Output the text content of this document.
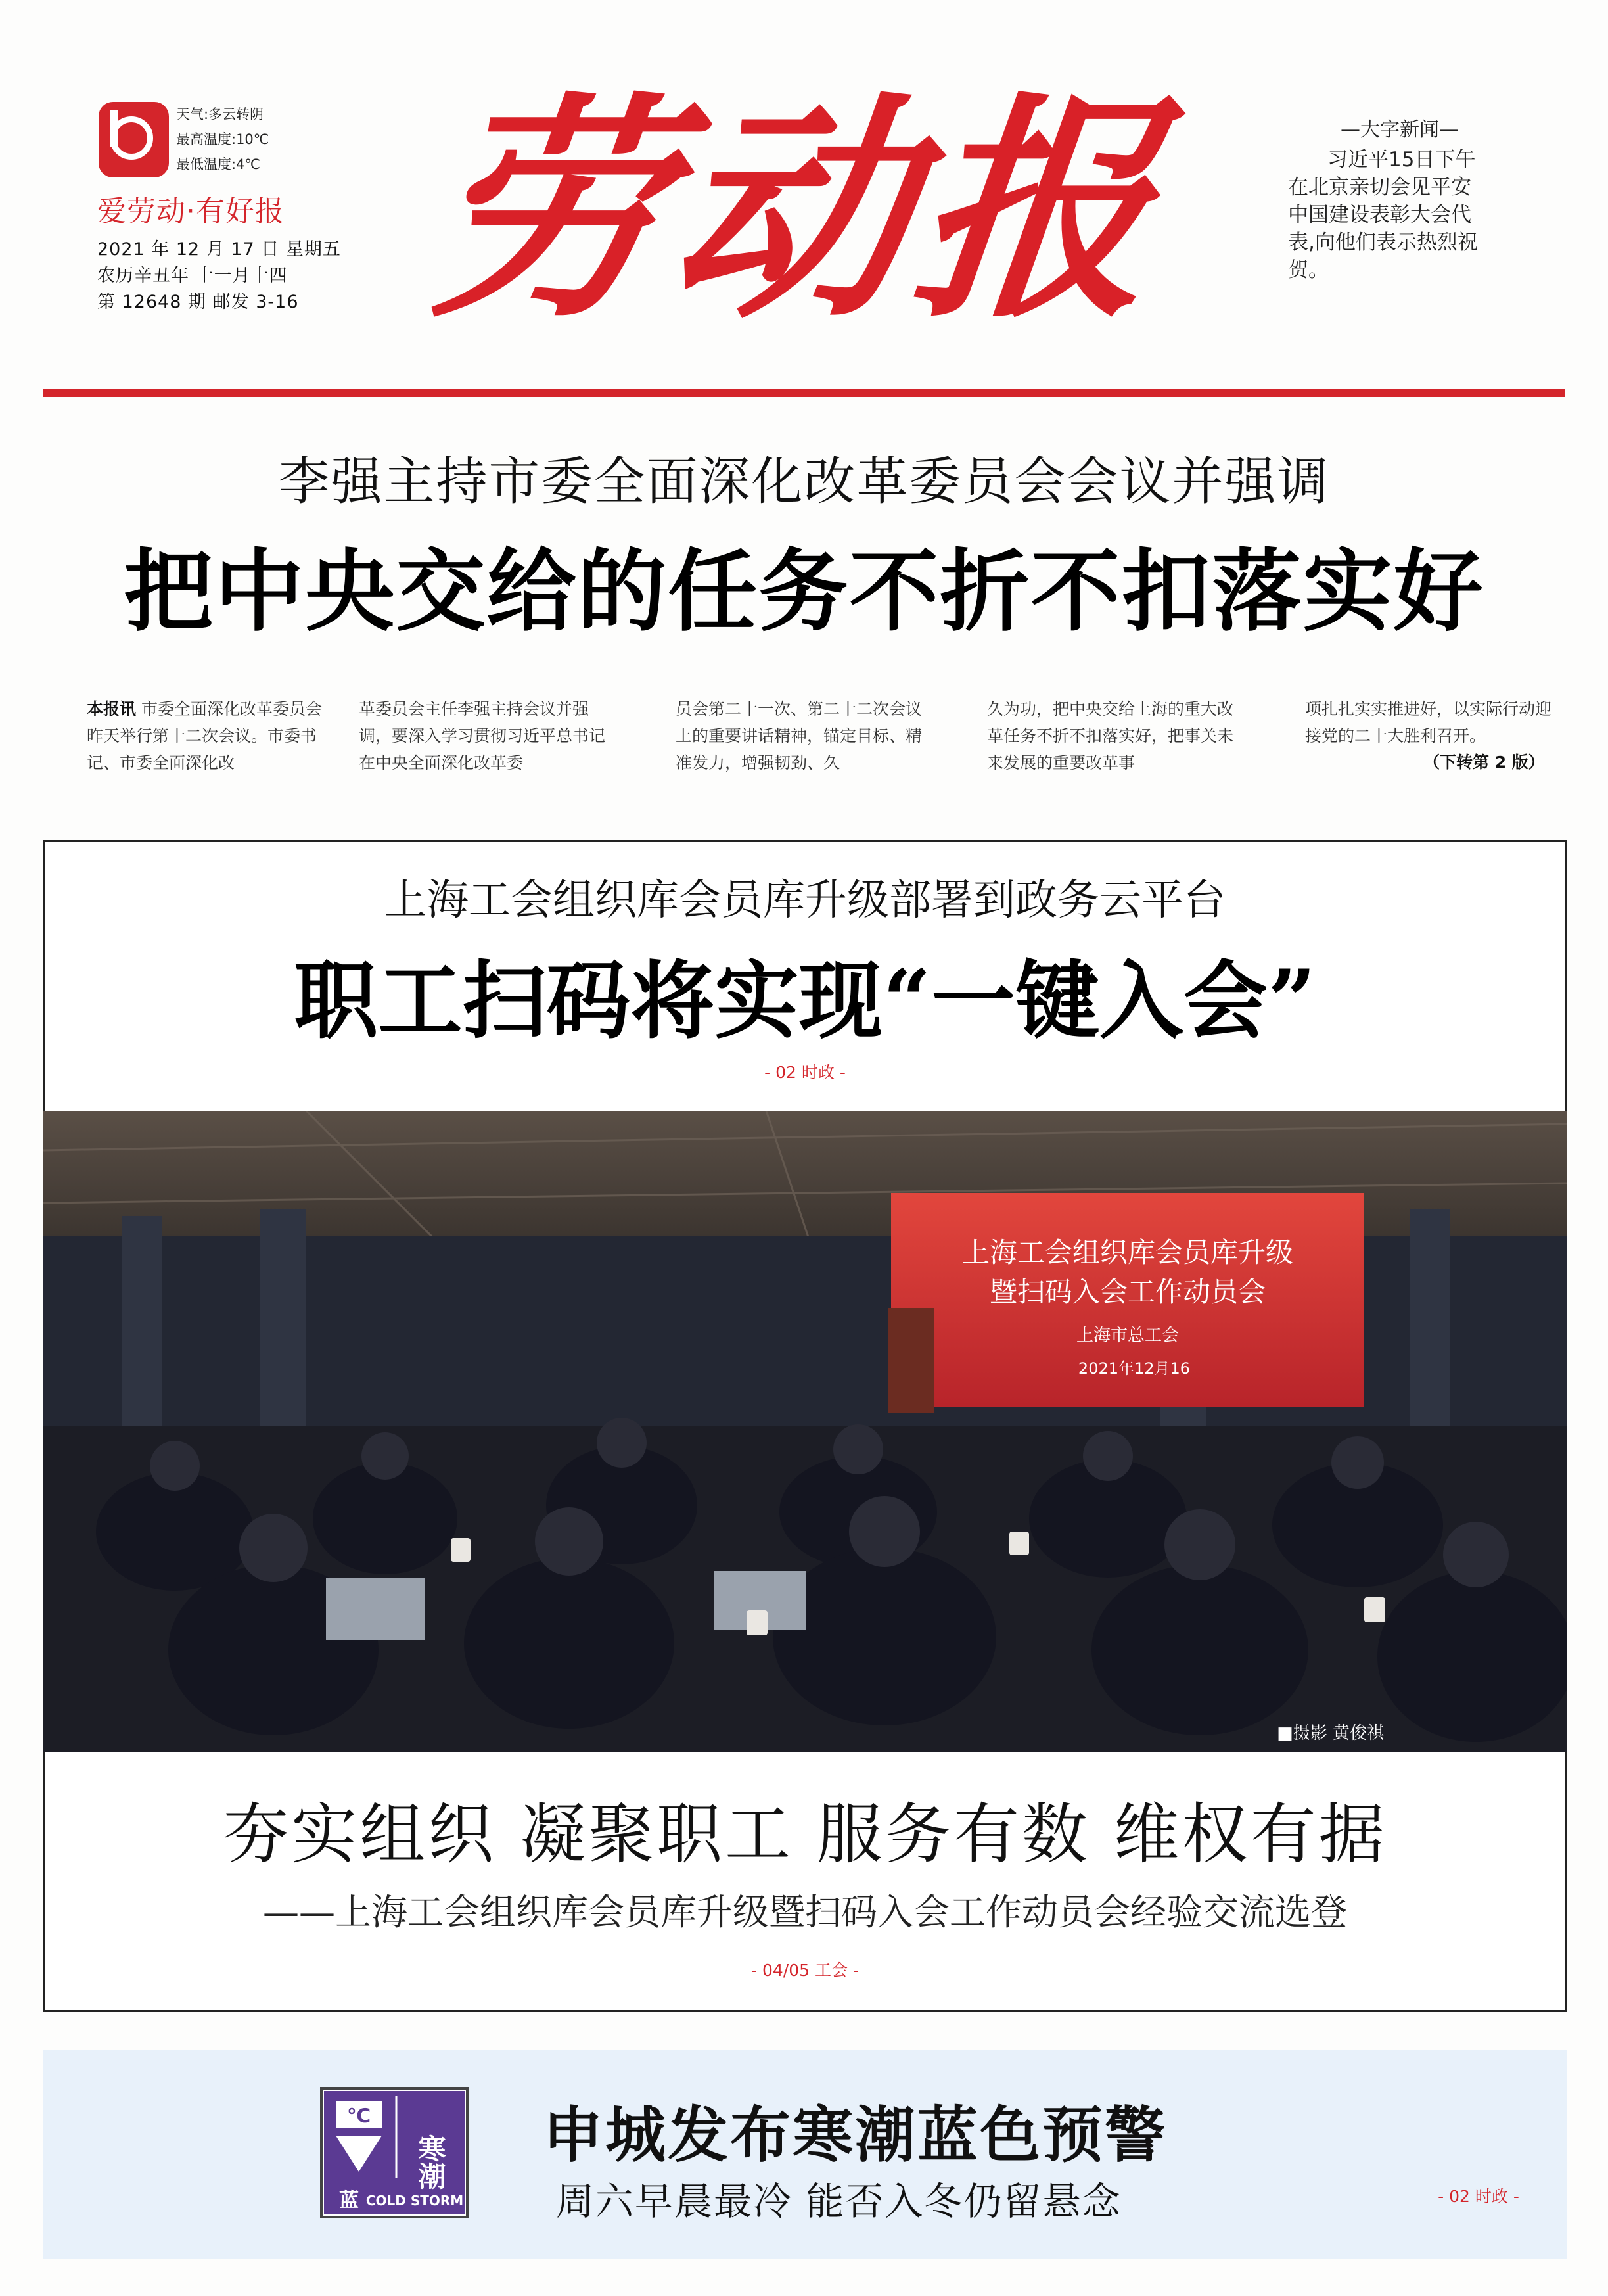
天气:多云转阴
最高温度:10℃
最低温度:4℃
爱劳动·有好报
2021 年 12 月 17 日 星期五
农历辛丑年 十一月十四
第 12648 期 邮发 3-16 劳动报	—大字新闻—
习近平15日下午在北京亲切会见平安中国建设表彰大会代表,向他们表示热烈祝贺。
李强主持市委全面深化改革委员会会议并强调
把中央交给的任务不折不扣落实好
本报讯 市委全面深化改革委员会昨天举行第十二次会议。市委书记、市委全面深化改
革委员会主任李强主持会议并强调，要深入学习贯彻习近平总书记在中央全面深化改革委
员会第二十一次、第二十二次会议上的重要讲话精神，锚定目标、精准发力，增强韧劲、久
久为功，把中央交给上海的重大改革任务不折不扣落实好，把事关未来发展的重要改革事
项扎扎实实推进好，以实际行动迎接党的二十大胜利召开。
（下转第 2 版）
上海工会组织库会员库升级部署到政务云平台
职工扫码将实现“一键入会”
- 02 时政 -
上海工会组织库会员库升级
暨扫码入会工作动员会
上海市总工会
2021年12月16
■摄影 黄俊祺
夯实组织 凝聚职工 服务有数 维权有据
——上海工会组织库会员库升级暨扫码入会工作动员会经验交流选登
- 04/05 工会 -
℃
寒潮
蓝 COLD STORM
申城发布寒潮蓝色预警
周六早晨最冷 能否入冬仍留悬念	- 02 时政 -
